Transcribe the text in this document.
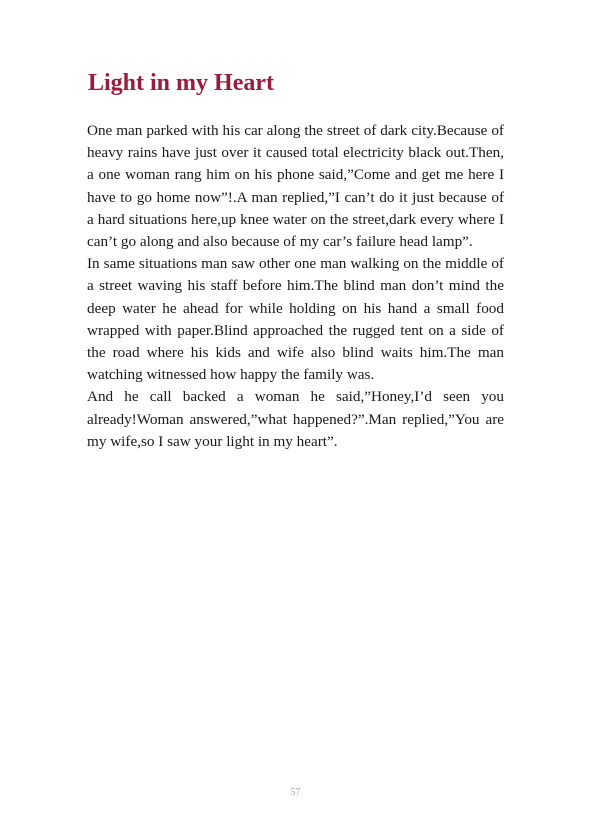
Light in my Heart

One man parked with his car along the street of dark city.Because of heavy rains have just over it caused total electricity black out.Then, a one woman rang him on his phone said,”Come and get me here I have to go home now”!.A man replied,”I can’t do it just because of a hard situations here,up knee water on the street,dark every where I can’t go along and also because of my car’s failure head lamp”.

In same situations man saw other one man walking on the middle of a street waving his staff before him.The blind man don’t mind the deep water he ahead for while holding on his hand a small food wrapped with paper.Blind approached the rugged tent on a side of the road where his kids and wife also blind waits him.The man watching witnessed how happy the family was.

And he call backed a woman he said,”Honey,I’d seen you already!Woman answered,”what happened?”.Man replied,”You are my wife,so I saw your light in my heart”.

57
